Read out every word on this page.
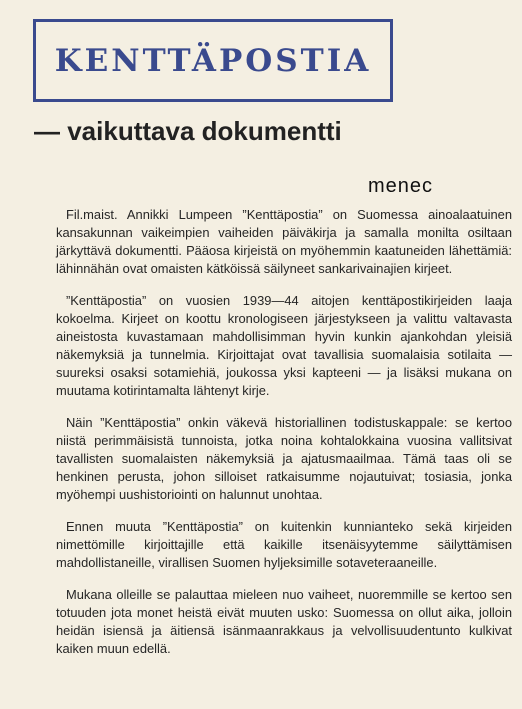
KENTTÄPOSTIA
— vaikuttava dokumentti
menec

Fil.maist. Annikki Lumpeen ”Kenttäpostia” on Suomessa ainoalaatuinen kansakunnan vaikeimpien vaiheiden päiväkirja ja samalla monilta osiltaan järkyttävä dokumentti. Pääosa kirjeistä on myöhemmin kaatuneiden lähettämiä: lähinnähän ovat omaisten kätköissä säilyneet sankarivainajien kirjeet.

”Kenttäpostia” on vuosien 1939—44 aitojen kenttäpostikirjeiden laaja kokoelma. Kirjeet on koottu kronologiseen järjestykseen ja valittu valtavasta aineistosta kuvastamaan mahdollisimman hyvin kunkin ajankohdan yleisiä näkemyksiä ja tunnelmia. Kirjoittajat ovat tavallisia suomalaisia sotilaita — suureksi osaksi sotamiehiä, joukossa yksi kapteeni — ja lisäksi mukana on muutama kotirintamalta lähtenyt kirje.

Näin ”Kenttäpostia” onkin väkevä historiallinen todistuskappale: se kertoo niistä perimmäisistä tunnoista, jotka noina kohtalokkaina vuosina vallitsivat tavallisten suomalaisten näkemyksiä ja ajatusmaailmaa. Tämä taas oli se henkinen perusta, johon silloiset ratkaisumme nojautuivat; tosiasia, jonka myöhempi uushistoriointi on halunnut unohtaa.

Ennen muuta ”Kenttäpostia” on kuitenkin kunnianteko sekä kirjeiden nimettömille kirjoittajille että kaikille itsenäisyytemme säilyttämisen mahdollistaneille, virallisen Suomen hyljeksimille sotaveteraaneille.

Mukana olleille se palauttaa mieleen nuo vaiheet, nuoremmille se kertoo sen totuuden jota monet heistä eivät muuten usko: Suomessa on ollut aika, jolloin heidän isiensä ja äitiensä isänmaanrakkaus ja velvollisuudentunto kulkivat kaiken muun edellä.
